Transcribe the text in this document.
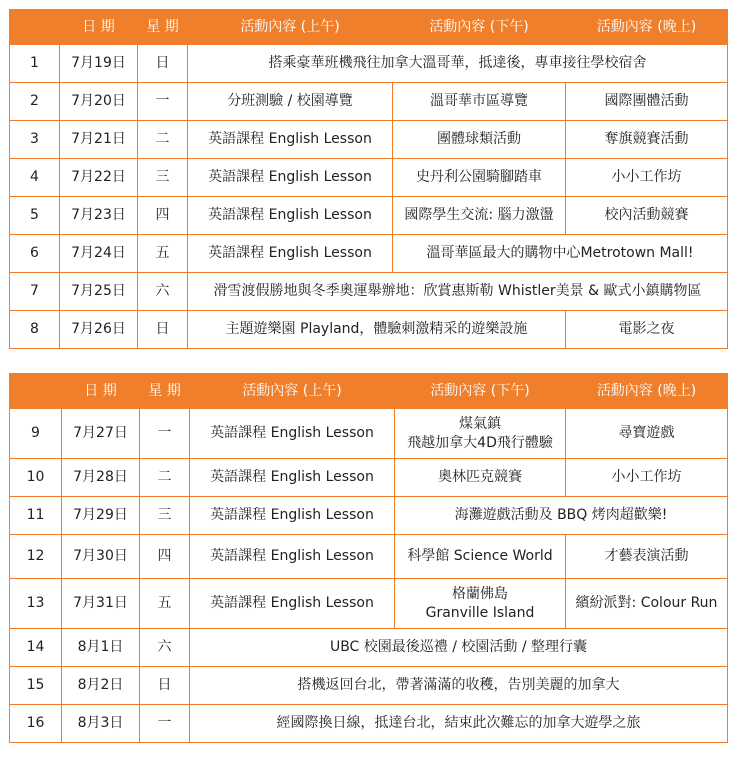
	日 期	星 期	活動內容 (上午)	活動內容 (下午)	活動內容 (晚上)
1	7月19日	日	搭乘豪華班機飛往加拿大溫哥華，抵達後，專車接往學校宿舍		
2	7月20日	一	分班測驗 / 校園導覽	溫哥華市區導覽	國際團體活動
3	7月21日	二	英語課程 English Lesson	團體球類活動	奪旗競賽活動
4	7月22日	三	英語課程 English Lesson	史丹利公園騎腳踏車	小小工作坊
5	7月23日	四	英語課程 English Lesson	國際學生交流: 腦力激盪	校內活動競賽
6	7月24日	五	英語課程 English Lesson	溫哥華區最大的購物中心Metrotown Mall!	
7	7月25日	六	滑雪渡假勝地與冬季奧運舉辦地：欣賞惠斯勒 Whistler美景 & 歐式小鎮購物區		
8	7月26日	日	主題遊樂園 Playland，體驗刺激精采的遊樂設施		電影之夜
	日 期	星 期	活動內容 (上午)	活動內容 (下午)	活動內容 (晚上)
9	7月27日	一	英語課程 English Lesson	煤氣鎮
飛越加拿大4D飛行體驗	尋寶遊戲
10	7月28日	二	英語課程 English Lesson	奧林匹克競賽	小小工作坊
11	7月29日	三	英語課程 English Lesson	海灘遊戲活動及 BBQ 烤肉超歡樂!	
12	7月30日	四	英語課程 English Lesson	科學館 Science World	才藝表演活動
13	7月31日	五	英語課程 English Lesson	格蘭佛島
Granville Island	繽紛派對: Colour Run
14	8月1日	六	UBC 校園最後巡禮 / 校園活動 / 整理行囊		
15	8月2日	日	搭機返回台北，帶著滿滿的收穫，告別美麗的加拿大		
16	8月3日	一	經國際換日線，抵達台北，結束此次難忘的加拿大遊學之旅		
